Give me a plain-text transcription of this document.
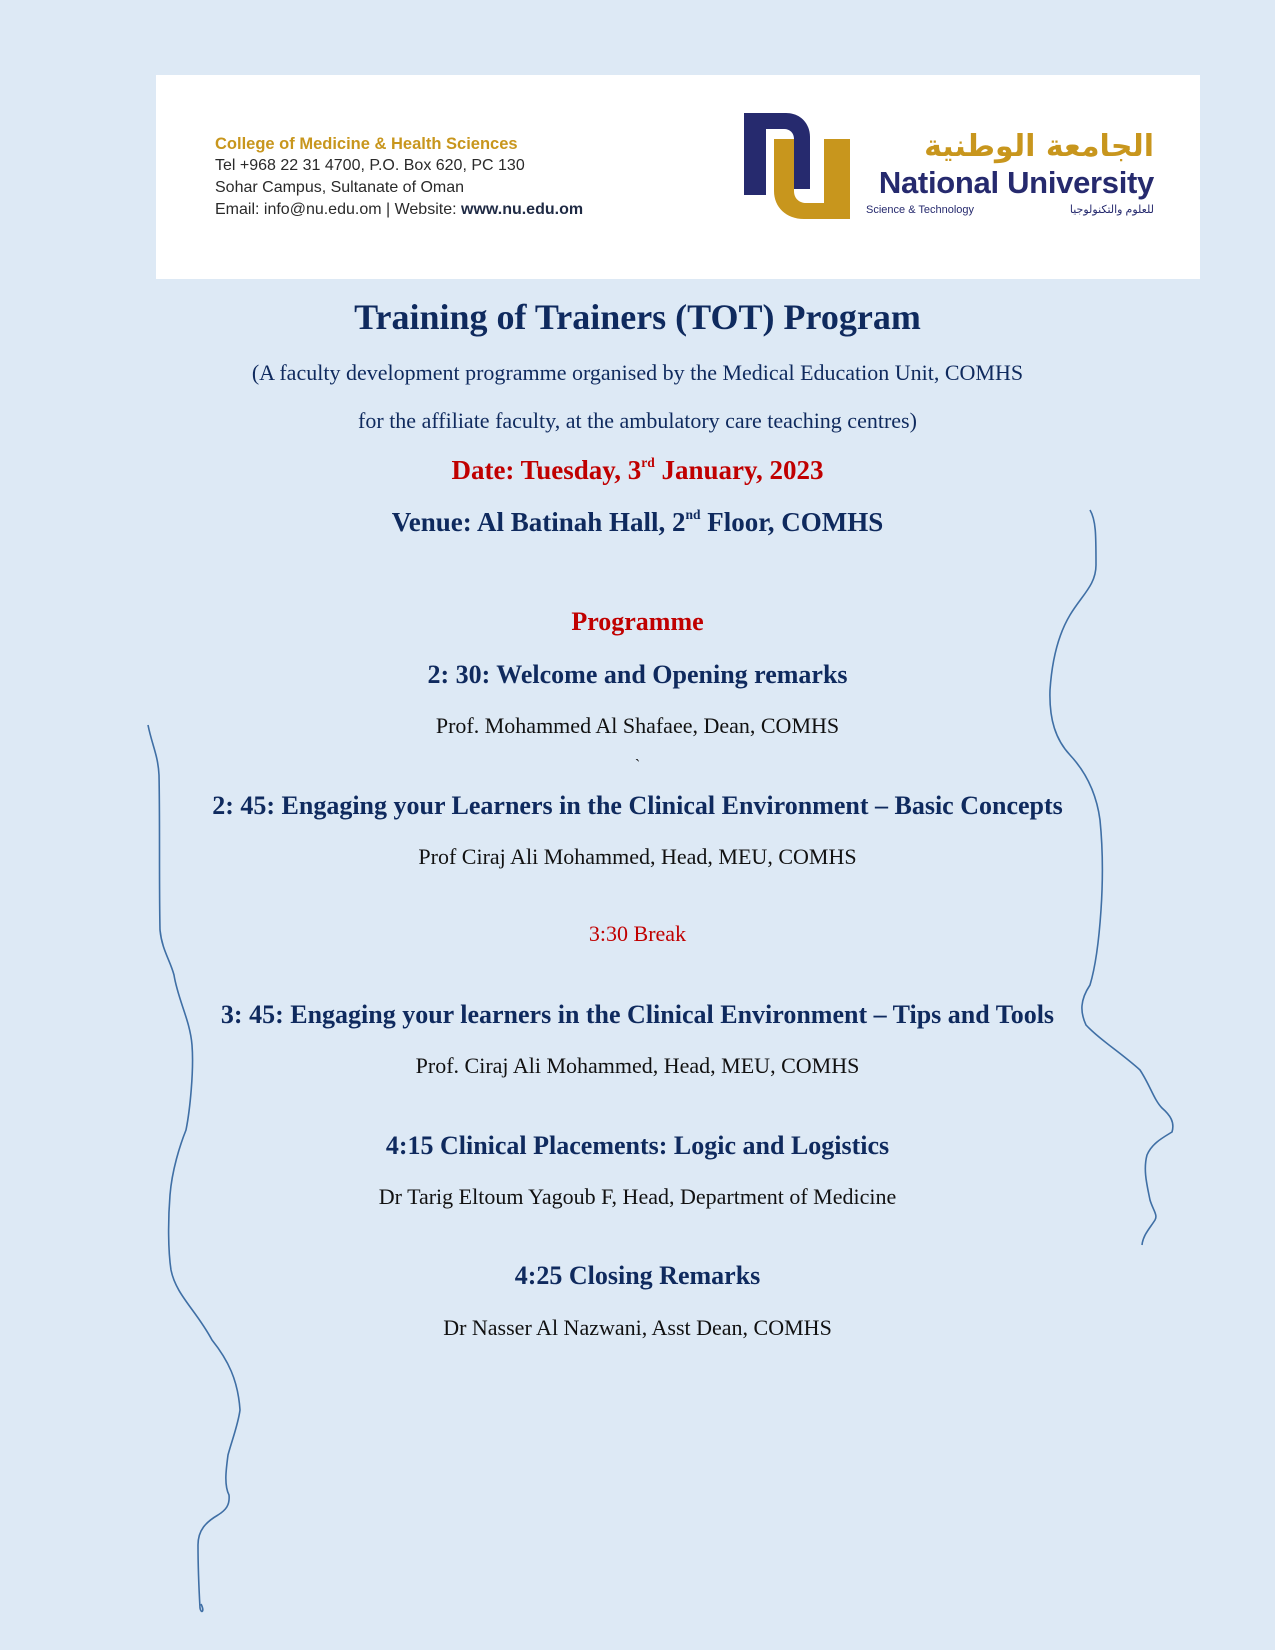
College of Medicine & Health Sciences
Tel +968 22 31 4700, P.O. Box 620, PC 130
Sohar Campus, Sultanate of Oman
Email: info@nu.edu.om | Website: www.nu.edu.om
الجامعة الوطنية
National University
Science & Technology	للعلوم والتكنولوجيا
Training of Trainers (TOT) Program
(A faculty development programme organised by the Medical Education Unit, COMHS
for the affiliate faculty, at the ambulatory care teaching centres)
Date: Tuesday, 3rd January, 2023
Venue: Al Batinah Hall, 2nd Floor, COMHS
Programme
2: 30: Welcome and Opening remarks
Prof. Mohammed Al Shafaee, Dean, COMHS
`
2: 45: Engaging your Learners in the Clinical Environment – Basic Concepts
Prof Ciraj Ali Mohammed, Head, MEU, COMHS
3:30 Break
3: 45: Engaging your learners in the Clinical Environment – Tips and Tools
Prof. Ciraj Ali Mohammed, Head, MEU, COMHS
4:15 Clinical Placements: Logic and Logistics
Dr Tarig Eltoum Yagoub F, Head, Department of Medicine
4:25 Closing Remarks
Dr Nasser Al Nazwani, Asst Dean, COMHS
